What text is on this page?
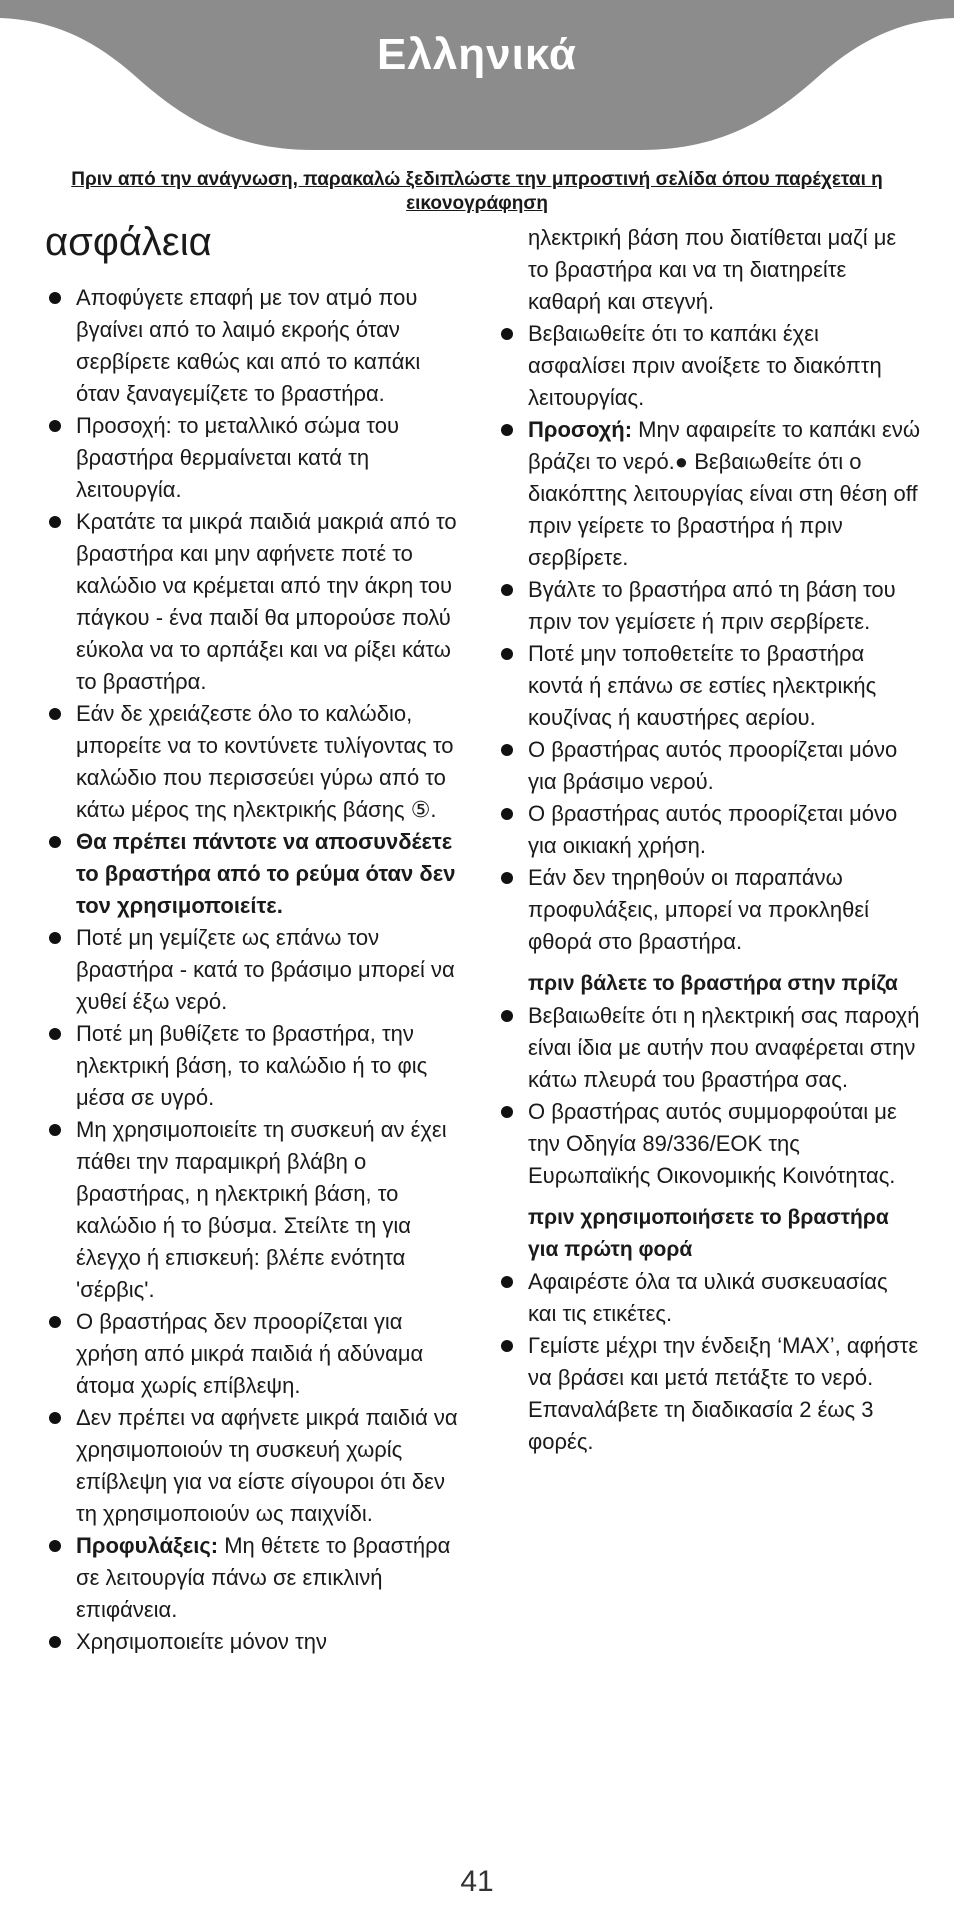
Ελληνικά
Πριν από την ανάγνωση, παρακαλώ ξεδιπλώστε την μπροστινή σελίδα όπου παρέχεται η εικονογράφηση
ασφάλεια
Αποφύγετε επαφή με τον ατμό που βγαίνει από το λαιμό εκροής όταν σερβίρετε καθώς και από το καπάκι όταν ξαναγεμίζετε το βραστήρα.
Προσοχή: το μεταλλικό σώμα του βραστήρα θερμαίνεται κατά τη λειτουργία.
Κρατάτε τα μικρά παιδιά μακριά από το βραστήρα και μην αφήνετε ποτέ το καλώδιο να κρέμεται από την άκρη του πάγκου - ένα παιδί θα μπορούσε πολύ εύκολα να το αρπάξει και να ρίξει κάτω το βραστήρα.
Εάν δε χρειάζεστε όλο το καλώδιο, μπορείτε να το κοντύνετε τυλίγοντας το καλώδιο που περισσεύει γύρω από το κάτω μέρος της ηλεκτρικής βάσης ⑤.
Θα πρέπει πάντοτε να αποσυνδέετε το βραστήρα από το ρεύμα όταν δεν τον χρησιμοποιείτε.
Ποτέ μη γεμίζετε ως επάνω τον βραστήρα - κατά το βράσιμο μπορεί να χυθεί έξω νερό.
Ποτέ μη βυθίζετε το βραστήρα, την ηλεκτρική βάση, το καλώδιο ή το φις μέσα σε υγρό.
Μη χρησιμοποιείτε τη συσκευή αν έχει πάθει την παραμικρή βλάβη ο βραστήρας, η ηλεκτρική βάση, το καλώδιο ή το βύσμα. Στείλτε τη για έλεγχο ή επισκευή: βλέπε ενότητα 'σέρβις'.
Ο βραστήρας δεν προορίζεται για χρήση από μικρά παιδιά ή αδύναμα άτομα χωρίς επίβλεψη.
Δεν πρέπει να αφήνετε μικρά παιδιά να χρησιμοποιούν τη συσκευή χωρίς επίβλεψη για να είστε σίγουροι ότι δεν τη χρησιμοποιούν ως παιχνίδι.
Προφυλάξεις: Μη θέτετε το βραστήρα σε λειτουργία πάνω σε επικλινή επιφάνεια.
Χρησιμοποιείτε μόνον την
ηλεκτρική βάση που διατίθεται μαζί με το βραστήρα και να τη διατηρείτε καθαρή και στεγνή.
Βεβαιωθείτε ότι το καπάκι έχει ασφαλίσει πριν ανοίξετε το διακόπτη λειτουργίας.
Προσοχή: Μην αφαιρείτε το καπάκι ενώ βράζει το νερό.● Βεβαιωθείτε ότι ο διακόπτης λειτουργίας είναι στη θέση off πριν γείρετε το βραστήρα ή πριν σερβίρετε.
Βγάλτε το βραστήρα από τη βάση του πριν τον γεμίσετε ή πριν σερβίρετε.
Ποτέ μην τοποθετείτε το βραστήρα κοντά ή επάνω σε εστίες ηλεκτρικής κουζίνας ή καυστήρες αερίου.
Ο βραστήρας αυτός προορίζεται μόνο για βράσιμο νερού.
Ο βραστήρας αυτός προορίζεται μόνο για οικιακή χρήση.
Εάν δεν τηρηθούν οι παραπάνω προφυλάξεις, μπορεί να προκληθεί φθορά στο βραστήρα.
πριν βάλετε το βραστήρα στην πρίζα
Βεβαιωθείτε ότι η ηλεκτρική σας παροχή είναι ίδια με αυτήν που αναφέρεται στην κάτω πλευρά του βραστήρα σας.
Ο βραστήρας αυτός συμμορφούται με την Οδηγία 89/336/ΕΟΚ της Ευρωπαϊκής Οικονομικής Κοινότητας.
πριν χρησιμοποιήσετε το βραστήρα για πρώτη φορά
Αφαιρέστε όλα τα υλικά συσκευασίας και τις ετικέτες.
Γεμίστε μέχρι την ένδειξη ‘MAX’, αφήστε να βράσει και μετά πετάξτε το νερό. Επαναλάβετε τη διαδικασία 2 έως 3 φορές.
41
